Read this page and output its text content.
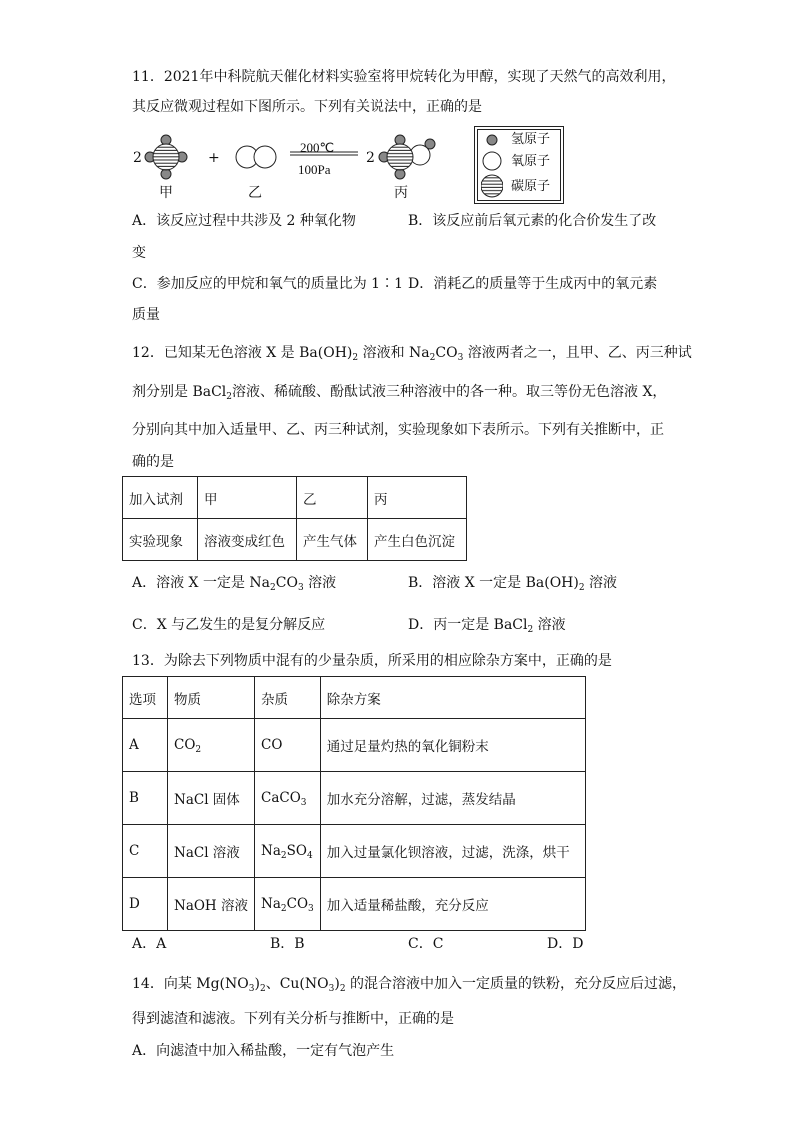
11．2021年中科院航天催化材料实验室将甲烷转化为甲醇，实现了天然气的高效利用，
其反应微观过程如下图所示。下列有关说法中，正确的是
2	+
200℃
100Pa
2
甲	乙	丙
氢原子
氧原子
碳原子
A．该反应过程中共涉及 2 种氧化物	B．该反应前后氧元素的化合价发生了改
变
C．参加反应的甲烷和氧气的质量比为 1∶1 D．消耗乙的质量等于生成丙中的氧元素
质量
12．已知某无色溶液 X 是 $Ba(OH)_2$ 溶液和 $Na_2CO_3$ 溶液两者之一，且甲、乙、丙三种试
剂分别是 BaCl$_2$溶液、稀硫酸、酚酞试液三种溶液中的各一种。取三等份无色溶液 X，
分别向其中加入适量甲、乙、丙三种试剂，实验现象如下表所示。下列有关推断中，正
确的是
加入试剂	甲	乙	丙
实验现象	溶液变成红色	产生气体	产生白色沉淀
A．溶液 X 一定是 $Na_2CO_3$ 溶液	B．溶液 X 一定是 $Ba(OH)_2$ 溶液
C．X 与乙发生的是复分解反应	D．丙一定是 BaCl$_2$ 溶液
13．为除去下列物质中混有的少量杂质，所采用的相应除杂方案中，正确的是
选项	物质	杂质	除杂方案
A	$CO_2$	CO	通过足量灼热的氧化铜粉末
B	NaCl 固体	CaCO$_3$	加水充分溶解，过滤，蒸发结晶
C	NaCl 溶液	$Na_2SO_4$	加入过量氯化钡溶液，过滤，洗涤，烘干
D	NaOH 溶液	$Na_2CO_3$	加入适量稀盐酸，充分反应
A．A	B．B	C．C	D．D
14．向某 $Mg(NO_3)_2$、$Cu(NO_3)_2$ 的混合溶液中加入一定质量的铁粉，充分反应后过滤，
得到滤渣和滤液。下列有关分析与推断中，正确的是
A．向滤渣中加入稀盐酸，一定有气泡产生
